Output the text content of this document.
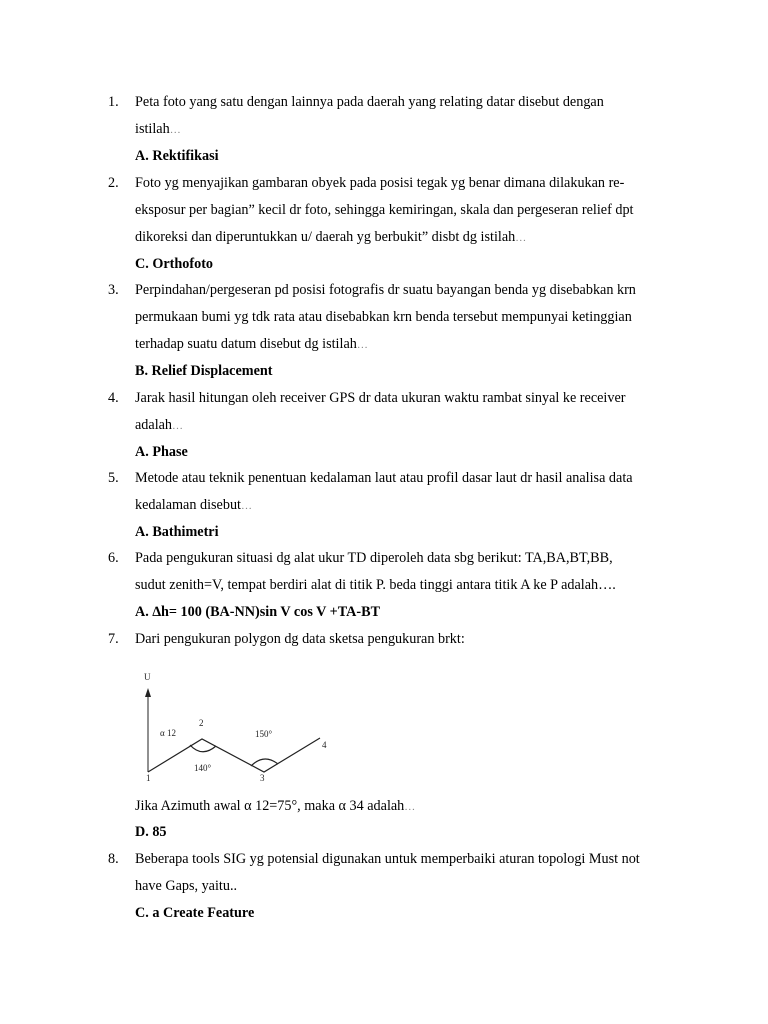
1. Peta foto yang satu dengan lainnya pada daerah yang relating datar disebut dengan
istilah…
A. Rektifikasi
2. Foto yg menyajikan gambaran obyek pada posisi tegak yg benar dimana dilakukan re-
eksposur per bagian” kecil dr foto, sehingga kemiringan, skala dan pergeseran relief dpt
dikoreksi dan diperuntukkan u/ daerah yg berbukit” disbt dg istilah…
C. Orthofoto
3. Perpindahan/pergeseran pd posisi fotografis dr suatu bayangan benda yg disebabkan krn
permukaan bumi yg tdk rata atau disebabkan krn benda tersebut mempunyai ketinggian
terhadap suatu datum disebut dg istilah…
B. Relief Displacement
4. Jarak hasil hitungan oleh receiver GPS dr data ukuran waktu rambat sinyal ke receiver
adalah…
A. Phase
5. Metode atau teknik penentuan kedalaman laut atau profil dasar laut dr hasil analisa data
kedalaman disebut…
A. Bathimetri
6. Pada pengukuran situasi dg alat ukur TD diperoleh data sbg berikut: TA,BA,BT,BB,
sudut zenith=V, tempat berdiri alat di titik P. beda tinggi antara titik A ke P adalah….
A. ∆h= 100 (BA-NN)sin V cos V +TA-BT
7. Dari pengukuran polygon dg data sketsa pengukuran brkt:
U
α 12
2
150°
4
140°
1	3
Jika Azimuth awal α 12=75°, maka α 34 adalah…
D. 85
8. Beberapa tools SIG yg potensial digunakan untuk memperbaiki aturan topologi Must not
have Gaps, yaitu..
C. a Create Feature
